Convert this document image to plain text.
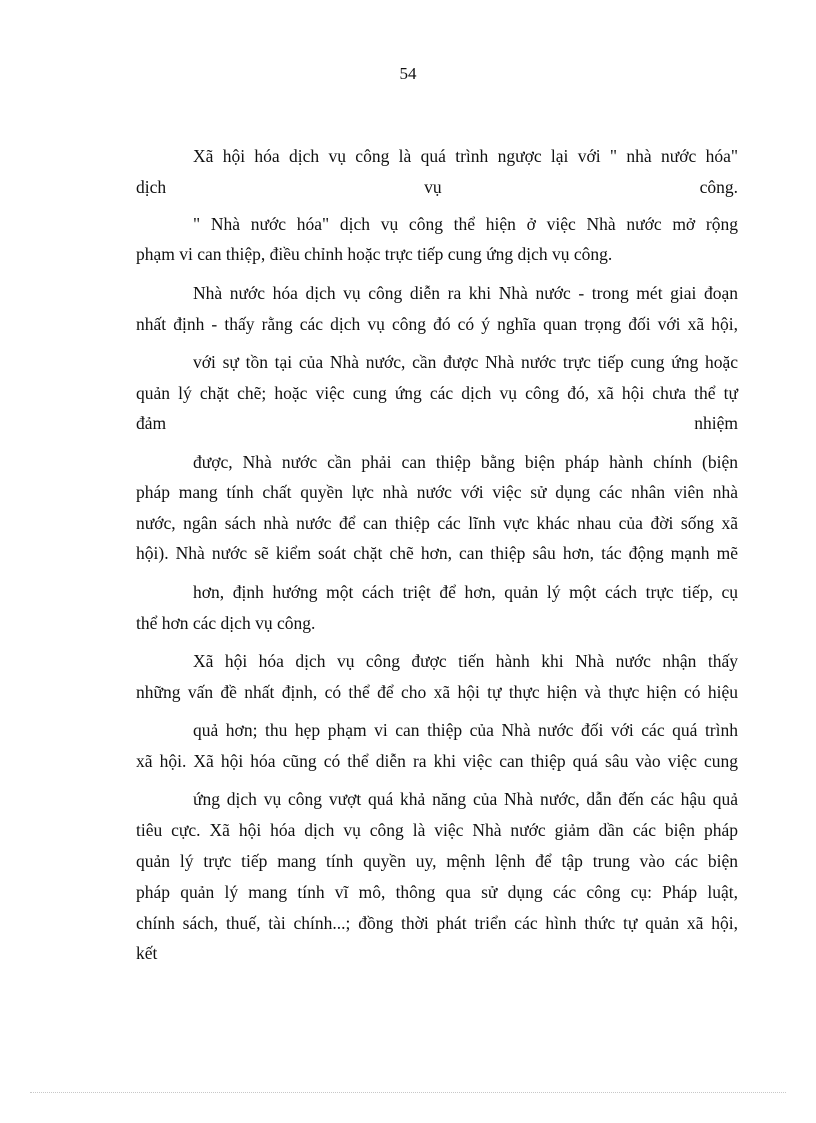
54
Xã hội hóa dịch vụ công là quá trình ngược lại với " nhà nước hóa"
dịch	vụ	công.
" Nhà nước hóa" dịch vụ công thể hiện ở việc Nhà nước mở rộng
phạm vi can thiệp, điều chỉnh hoặc trực tiếp cung ứng dịch vụ công.
Nhà nước hóa dịch vụ công diễn ra khi Nhà nước - trong mét giai đoạn
nhất định - thấy rằng các dịch vụ công đó có ý nghĩa quan trọng đối với xã hội,
với sự tồn tại của Nhà nước, cần được Nhà nước trực tiếp cung ứng hoặc
quản lý chặt chẽ; hoặc việc cung ứng các dịch vụ công đó, xã hội chưa thể tự
đảm	nhiệm
được, Nhà nước cần phải can thiệp bằng biện pháp hành chính (biện
pháp mang tính chất quyền lực nhà nước với việc sử dụng các nhân viên nhà
nước, ngân sách nhà nước để can thiệp các lĩnh vực khác nhau của đời sống xã
hội). Nhà nước sẽ kiểm soát chặt chẽ hơn, can thiệp sâu hơn, tác động mạnh mẽ
hơn, định hướng một cách triệt để hơn, quản lý một cách trực tiếp, cụ
thể hơn các dịch vụ công.
Xã hội hóa dịch vụ công được tiến hành khi Nhà nước nhận thấy
những vấn đề nhất định, có thể để cho xã hội tự thực hiện và thực hiện có hiệu
quả hơn; thu hẹp phạm vi can thiệp của Nhà nước đối với các quá trình
xã hội. Xã hội hóa cũng có thể diễn ra khi việc can thiệp quá sâu vào việc cung
ứng dịch vụ công vượt quá khả năng của Nhà nước, dẫn đến các hậu quả
tiêu cực. Xã hội hóa dịch vụ công là việc Nhà nước giảm dần các biện pháp
quản lý trực tiếp mang tính quyền uy, mệnh lệnh để tập trung vào các biện
pháp quản lý mang tính vĩ mô, thông qua sử dụng các công cụ: Pháp luật,
chính sách, thuế, tài chính...; đồng thời phát triển các hình thức tự quản xã hội,
kết
